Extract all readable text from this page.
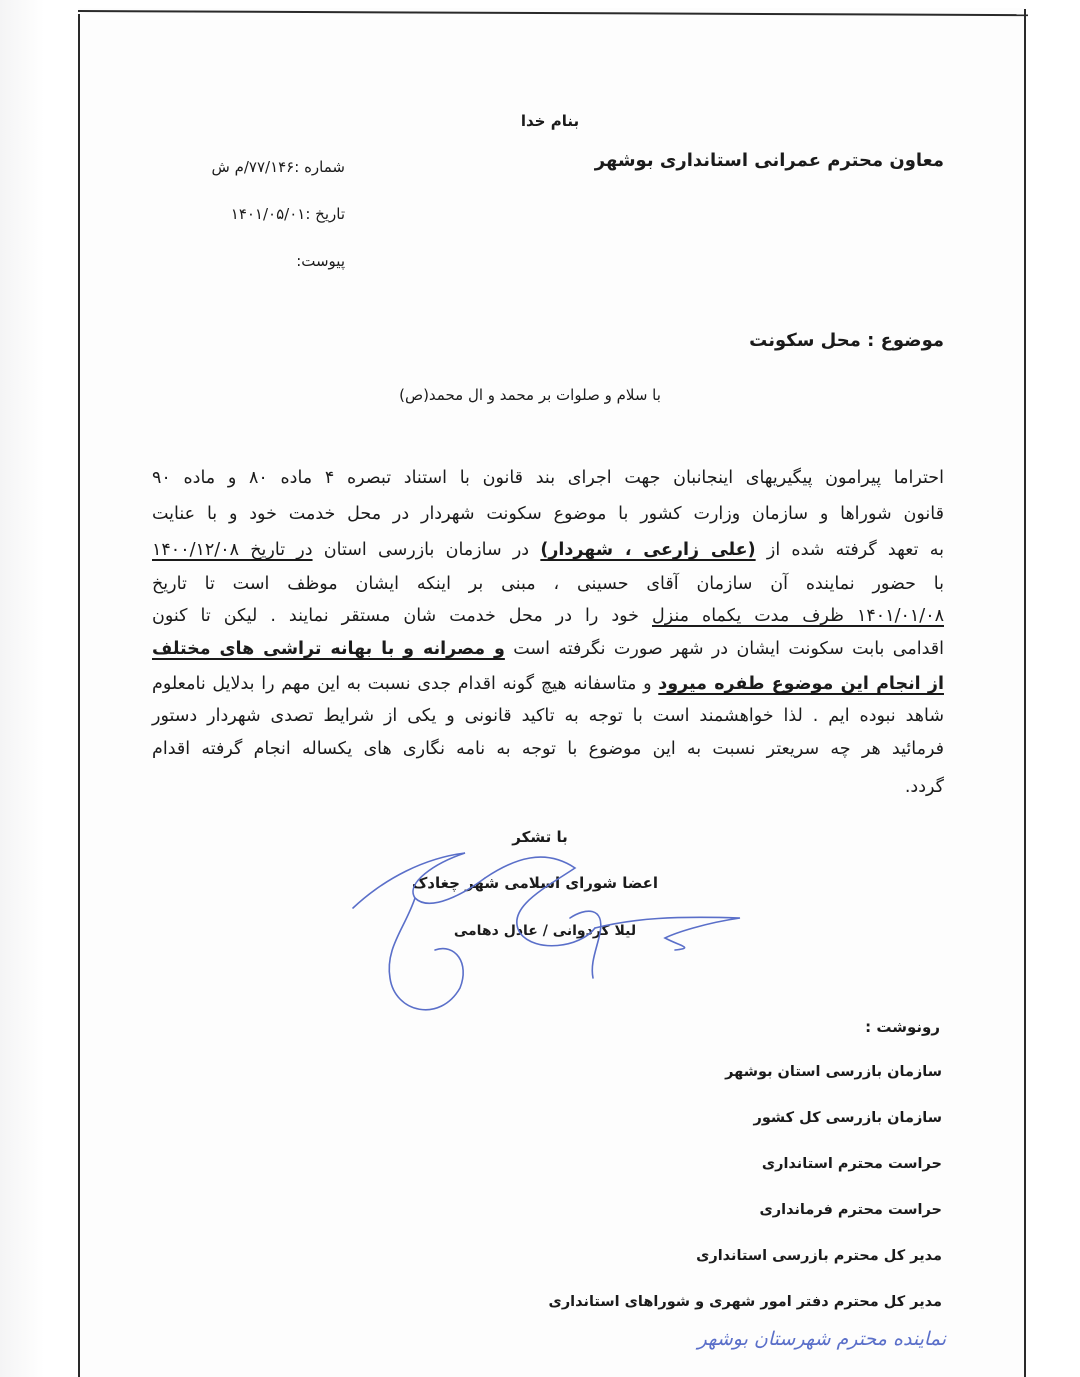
بنام خدا
معاون محترم عمرانی استانداری بوشهر
شماره :۷۷/۱۴۶/م ش
تاریخ :۱۴۰۱/۰۵/۰۱
پیوست:
موضوع : محل سکونت
با سلام و صلوات بر محمد و ال محمد(ص)
احتراما پیرامون پیگیریهای اینجانبان جهت اجرای بند قانون با استناد تبصره ۴ ماده ۸۰ و ماده ۹۰
قانون شوراها و سازمان وزارت کشور با موضوع سکونت شهردار در محل خدمت خود و با عنایت
به تعهد گرفته شده از (علی زارعی ، شهردار) در سازمان بازرسی استان در تاریخ ۱۴۰۰/۱۲/۰۸
با حضور نماینده آن سازمان آقای حسینی ، مبنی بر اینکه ایشان موظف است تا تاریخ
۱۴۰۱/۰۱/۰۸ ظرف مدت یکماه منزل خود را در محل خدمت شان مستقر نمایند . لیکن تا کنون
اقدامی بابت سکونت ایشان در شهر صورت نگرفته است و مصرانه و با بهانه تراشی های مختلف
از انجام این موضوع طفره میرود و متاسفانه هیچ گونه اقدام جدی نسبت به این مهم را بدلایل نامعلوم
شاهد نبوده ایم . لذا خواهشمند است با توجه به تاکید قانونی و یکی از شرایط تصدی شهردار دستور
فرمائید هر چه سریعتر نسبت به این موضوع با توجه به نامه نگاری های یکساله انجام گرفته اقدام
گردد.
با تشکر
اعضا شورای اسلامی شهر چغادک
لیلا کردوانی / عادل دهامی
رونوشت :
سازمان بازرسی استان بوشهر
سازمان بازرسی کل کشور
حراست محترم استانداری
حراست محترم فرمانداری
مدیر کل محترم بازرسی استانداری
مدیر کل محترم دفتر امور شهری و شوراهای استانداری
نماینده محترم شهرستان بوشهر
